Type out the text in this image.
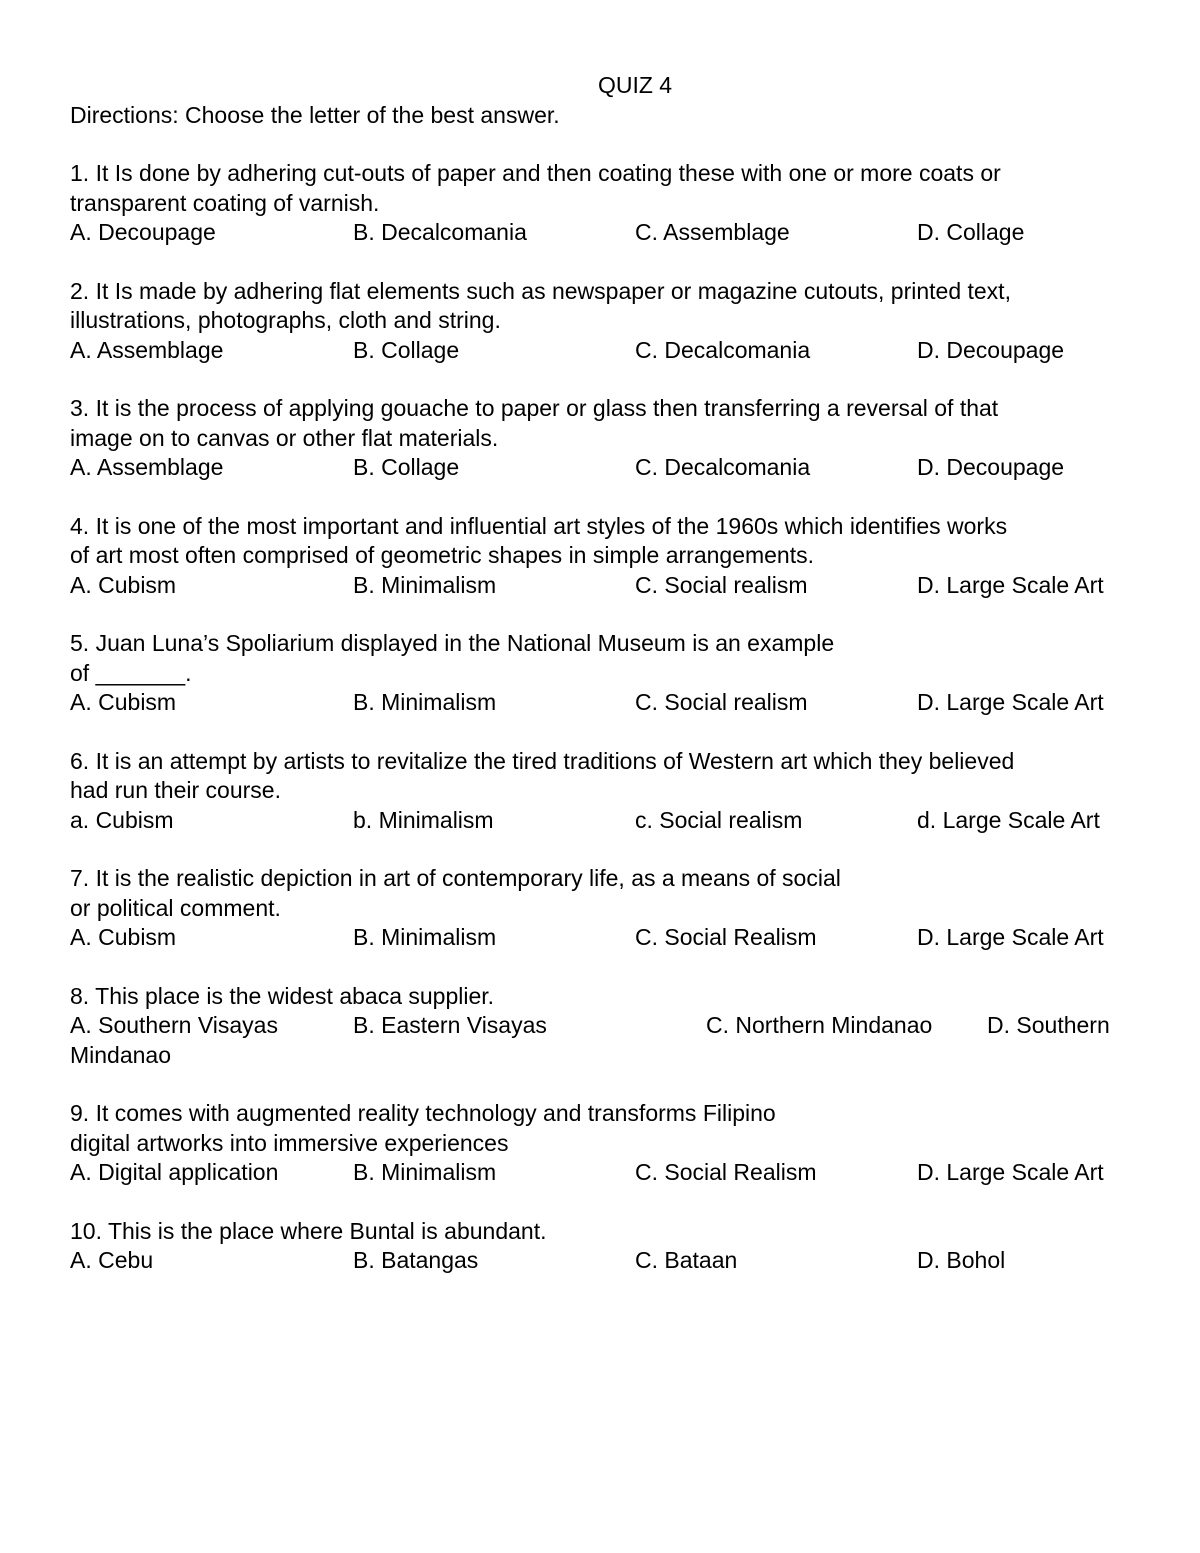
QUIZ 4
Directions: Choose the letter of the best answer.
1. It Is done by adhering cut-outs of paper and then coating these with one or more coats or
transparent coating of varnish.
A. Decoupage	B. Decalcomania	C. Assemblage	D. Collage
2. It Is made by adhering flat elements such as newspaper or magazine cutouts, printed text,
illustrations, photographs, cloth and string.
A. Assemblage	B. Collage	C. Decalcomania	D. Decoupage
3. It is the process of applying gouache to paper or glass then transferring a reversal of that
image on to canvas or other flat materials.
A. Assemblage	B. Collage	C. Decalcomania	D. Decoupage
4. It is one of the most important and influential art styles of the 1960s which identifies works
of art most often comprised of geometric shapes in simple arrangements.
A. Cubism	B. Minimalism	C. Social realism	D. Large Scale Art
5. Juan Luna’s Spoliarium displayed in the National Museum is an example
of _______.
A. Cubism	B. Minimalism	C. Social realism	D. Large Scale Art
6. It is an attempt by artists to revitalize the tired traditions of Western art which they believed
had run their course.
a. Cubism	b. Minimalism	c. Social realism	d. Large Scale Art
7. It is the realistic depiction in art of contemporary life, as a means of social
or political comment.
A. Cubism	B. Minimalism	C. Social Realism	D. Large Scale Art
8. This place is the widest abaca supplier.
A. Southern Visayas	B. Eastern Visayas	C. Northern Mindanao D. Southern
Mindanao
9. It comes with augmented reality technology and transforms Filipino
digital artworks into immersive experiences
A. Digital application	B. Minimalism	C. Social Realism	D. Large Scale Art
10. This is the place where Buntal is abundant.
A. Cebu	B. Batangas	C. Bataan	D. Bohol
